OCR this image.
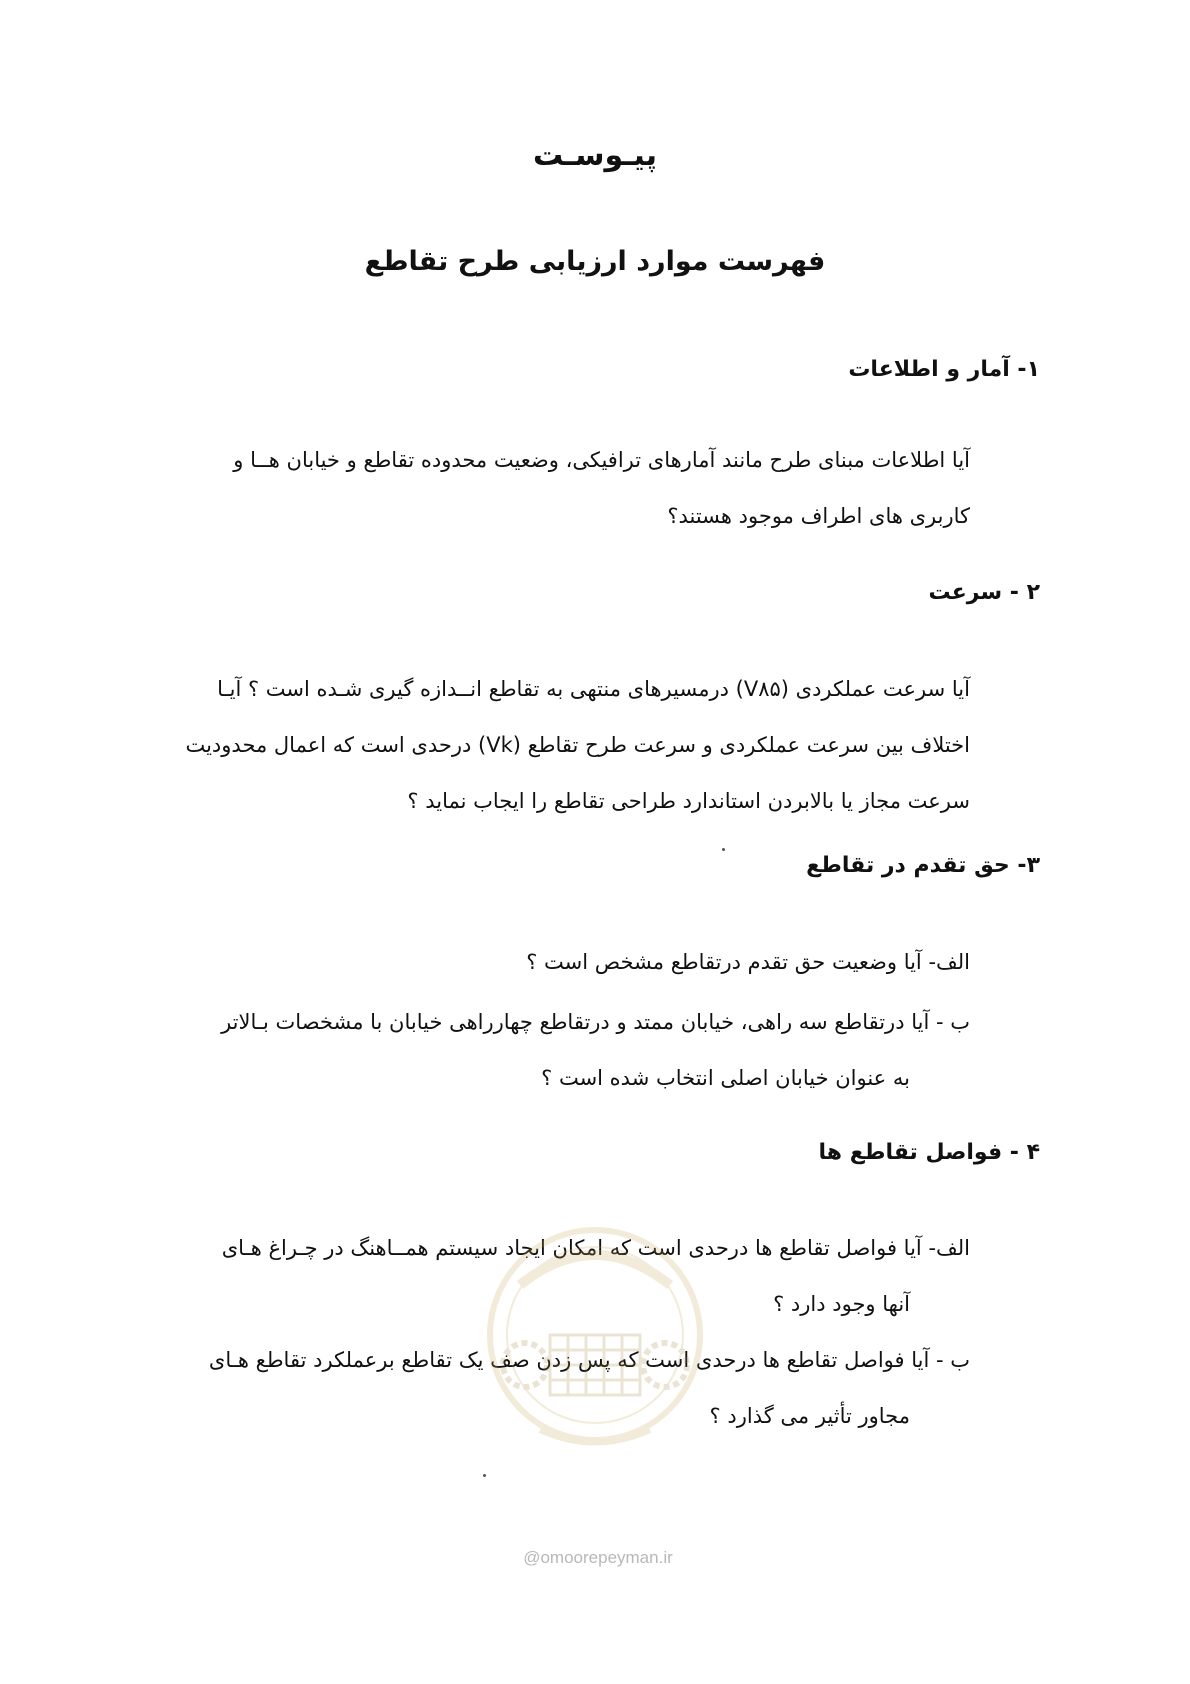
پیـوسـت
فهرست موارد ارزیابی طرح تقاطع
۱- آمار و اطلاعات

آیا اطلاعات مبنای طرح مانند آمارهای ترافیکی، وضعیت محدوده تقاطع و خیابان هــا و
کاربری های اطراف موجود هستند؟

۲ - سرعت

آیا سرعت عملکردی (V۸۵) درمسیرهای منتهی به تقاطع انــدازه گیری شـده است ؟ آیـا
اختلاف بین سرعت عملکردی و سرعت طرح تقاطع (Vk) درحدی است که اعمال محدودیت
سرعت مجاز یا بالابردن استاندارد طراحی تقاطع را ایجاب نماید ؟

۳- حق تقدم در تقاطع

الف- آیا وضعیت حق تقدم درتقاطع مشخص است ؟

ب - آیا درتقاطع سه راهی، خیابان ممتد و درتقاطع چهارراهی خیابان با مشخصات بـالاتر
به عنوان خیابان اصلی انتخاب شده است ؟

۴ - فواصل تقاطع ها

الف- آیا فواصل تقاطع ها درحدی است که امکان ایجاد سیستم همــاهنگ در چـراغ هـای
آنها وجود دارد ؟

ب - آیا فواصل تقاطع ها درحدی است که پس زدن صف یک تقاطع برعملکرد تقاطع هـای
مجاور تأثیر می گذارد ؟

@omoorepeyman.ir
